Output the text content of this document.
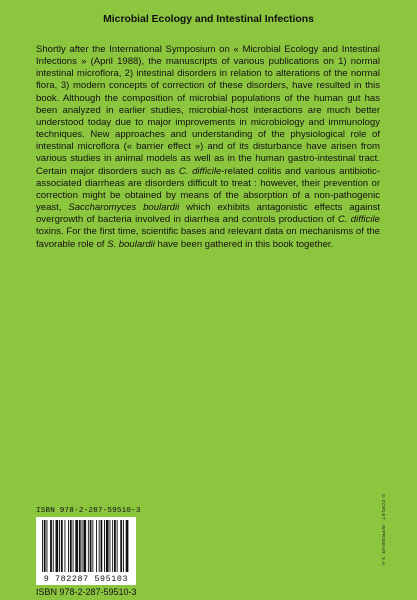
Microbial Ecology and Intestinal Infections

Shortly after the International Symposium on « Microbial Ecology and Intestinal Infections » (April 1988), the manuscripts of various publications on 1) normal intestinal microflora, 2) intestinal disorders in relation to alterations of the normal flora, 3) modern concepts of correction of these disorders, have resulted in this book. Although the composition of microbial populations of the human gut has been analyzed in earlier studies, microbial-host interactions are much better understood today due to major improvements in microbiology and immunology techniques. New approaches and understanding of the physiological role of intestinal microflora (« barrier effect ») and of its disturbance have arisen from various studies in animal models as well as in the human gastro-intestinal tract. Certain major disorders such as C. difficile-related colitis and various antibiotic-associated diarrheas are disorders difficult to treat : however, their prevention or correction might be obtained by means of the absorption of a non-pathogenic yeast, Saccharomyces boulardii which exhibits antagonistic effects against overgrowth of bacteria involved in diarrhea and controls production of C. difficile toxins. For the first time, scientific bases and relevant data on mechanisms of the favorable role of S. boulardii have been gathered in this book together.

ISBN 978-2-287-59510-3
9 782287 595103
ISBN 978-2-287-59510-3
⊙ CORLET - IMPRIMEUR, S.A.
